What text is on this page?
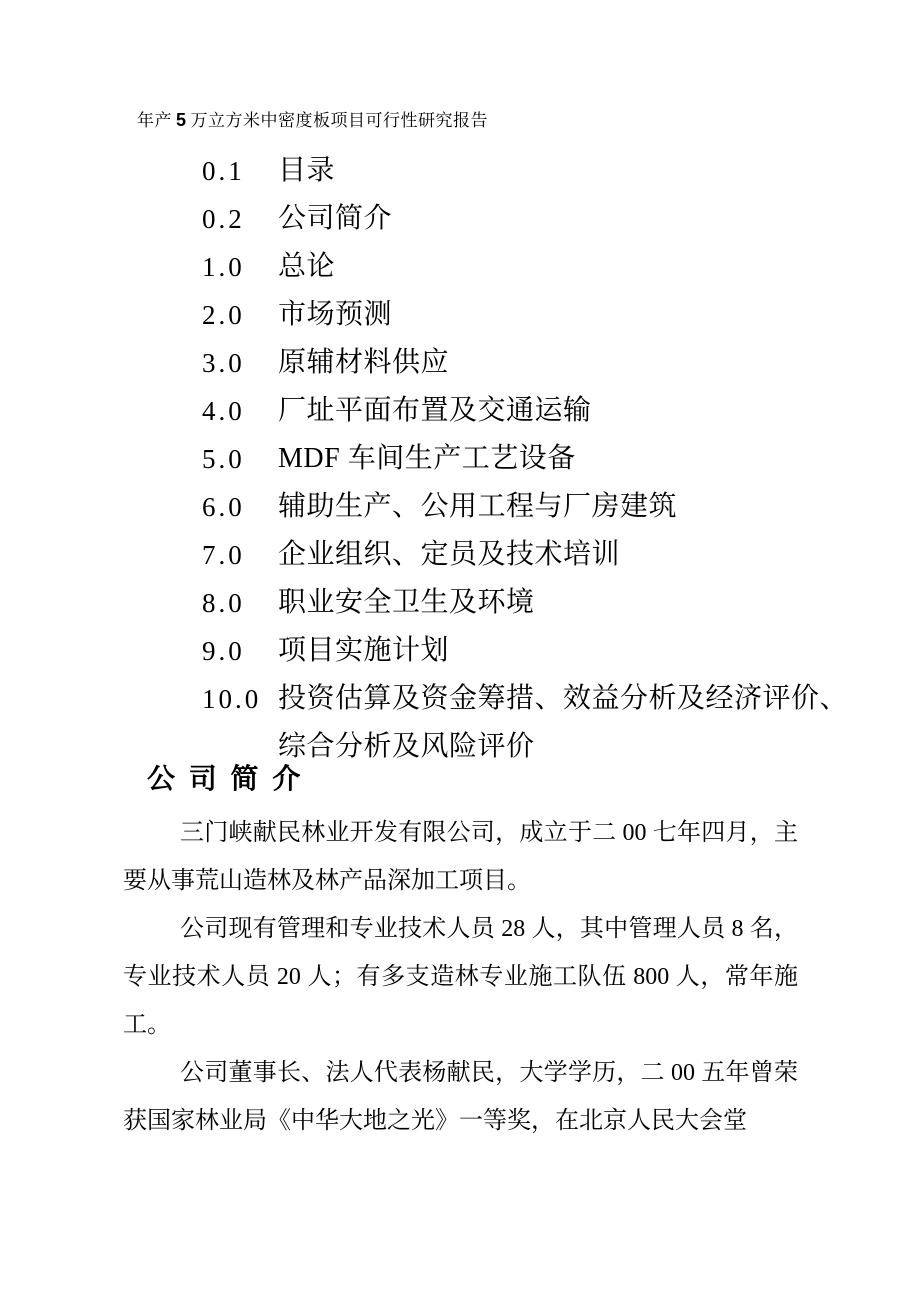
年产 5 万立方米中密度板项目可行性研究报告
0.1	目录
0.2	公司简介
1.0	总论
2.0	市场预测
3.0	原辅材料供应
4.0	厂址平面布置及交通运输
5.0	MDF 车间生产工艺设备
6.0	辅助生产、公用工程与厂房建筑
7.0	企业组织、定员及技术培训
8.0	职业安全卫生及环境
9.0	项目实施计划
10.0 投资估算及资金筹措、效益分析及经济评价、
综合分析及风险评价
公 司 简 介

三门峡献民林业开发有限公司，成立于二 00 七年四月，主要从事荒山造林及林产品深加工项目。

公司现有管理和专业技术人员 28 人，其中管理人员 8 名，专业技术人员 20 人；有多支造林专业施工队伍 800 人，常年施工。

公司董事长、法人代表杨献民，大学学历，二 00 五年曾荣获国家林业局《中华大地之光》一等奖，在北京人民大会堂
